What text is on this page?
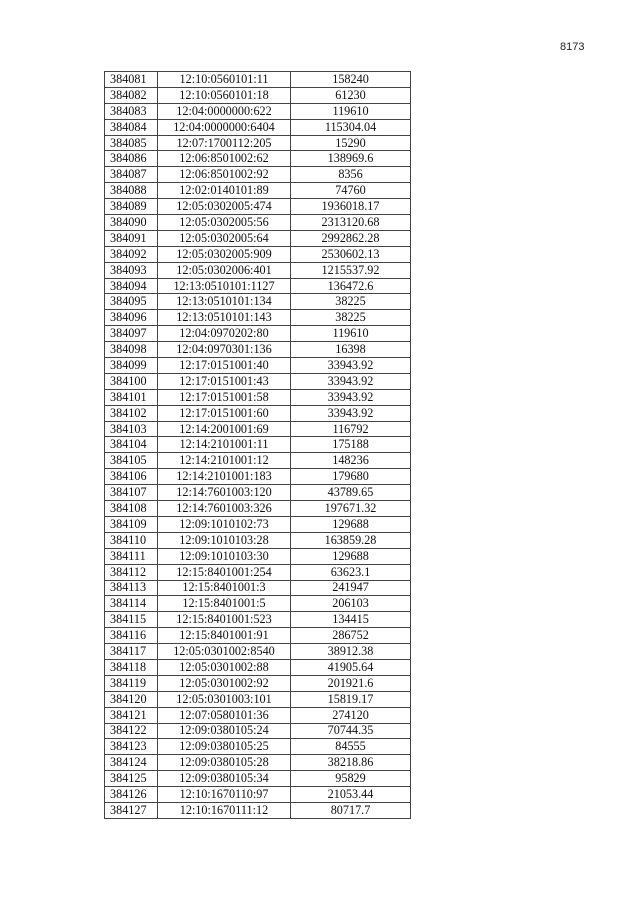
8173
384081	12:10:0560101:11	158240
384082	12:10:0560101:18	61230
384083	12:04:0000000:622	119610
384084	12:04:0000000:6404	115304.04
384085	12:07:1700112:205	15290
384086	12:06:8501002:62	138969.6
384087	12:06:8501002:92	8356
384088	12:02:0140101:89	74760
384089	12:05:0302005:474	1936018.17
384090	12:05:0302005:56	2313120.68
384091	12:05:0302005:64	2992862.28
384092	12:05:0302005:909	2530602.13
384093	12:05:0302006:401	1215537.92
384094	12:13:0510101:1127	136472.6
384095	12:13:0510101:134	38225
384096	12:13:0510101:143	38225
384097	12:04:0970202:80	119610
384098	12:04:0970301:136	16398
384099	12:17:0151001:40	33943.92
384100	12:17:0151001:43	33943.92
384101	12:17:0151001:58	33943.92
384102	12:17:0151001:60	33943.92
384103	12:14:2001001:69	116792
384104	12:14:2101001:11	175188
384105	12:14:2101001:12	148236
384106	12:14:2101001:183	179680
384107	12:14:7601003:120	43789.65
384108	12:14:7601003:326	197671.32
384109	12:09:1010102:73	129688
384110	12:09:1010103:28	163859.28
384111	12:09:1010103:30	129688
384112	12:15:8401001:254	63623.1
384113	12:15:8401001:3	241947
384114	12:15:8401001:5	206103
384115	12:15:8401001:523	134415
384116	12:15:8401001:91	286752
384117	12:05:0301002:8540	38912.38
384118	12:05:0301002:88	41905.64
384119	12:05:0301002:92	201921.6
384120	12:05:0301003:101	15819.17
384121	12:07:0580101:36	274120
384122	12:09:0380105:24	70744.35
384123	12:09:0380105:25	84555
384124	12:09:0380105:28	38218.86
384125	12:09:0380105:34	95829
384126	12:10:1670110:97	21053.44
384127	12:10:1670111:12	80717.7
